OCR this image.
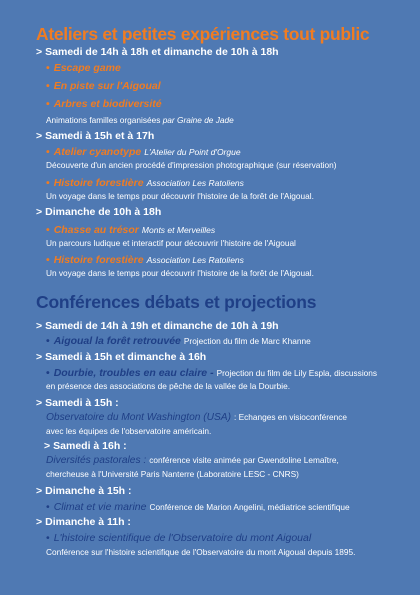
Ateliers et petites expériences tout public
> Samedi de 14h à 18h et dimanche de 10h à 18h
• Escape game
• En piste sur l'Aigoual
• Arbres et biodiversité
Animations familles organisées par Graine de Jade
> Samedi à 15h et à 17h
• Atelier cyanotype L'Atelier du Point d'Orgue
Découverte d'un ancien procédé d'impression photographique (sur réservation)
• Histoire forestière Association Les Ratoliens
Un voyage dans le temps pour découvrir l'histoire de la forêt de l'Aigoual.
> Dimanche de 10h à 18h
• Chasse au trésor Monts et Merveilles
Un parcours ludique et interactif pour découvrir l'histoire de l'Aigoual
• Histoire forestière Association Les Ratoliens
Un voyage dans le temps pour découvrir l'histoire de la forêt de l'Aigoual.
Conférences débats et projections
> Samedi de 14h à 19h et dimanche de 10h à 19h
• Aigoual la forêt retrouvée Projection du film de Marc Khanne
> Samedi à 15h et dimanche à 16h
• Dourbie, troubles en eau claire - Projection du film de Lily Espla, discussions
en présence des associations de pêche de la vallée de la Dourbie.
> Samedi à 15h :
Observatoire du Mont Washington (USA) : Echanges en visioconférence
avec les équipes de l'observatoire américain.
> Samedi à 16h :
Diversités pastorales : conférence visite animée par Gwendoline Lemaître,
chercheuse à l'Université Paris Nanterre (Laboratoire LESC - CNRS)
> Dimanche à 15h :
• Climat et vie marine Conférence de Marion Angelini, médiatrice scientifique
> Dimanche à 11h :
• L'histoire scientifique de l'Observatoire du mont Aigoual
Conférence sur l'histoire scientifique de l'Observatoire du mont Aigoual depuis 1895.
